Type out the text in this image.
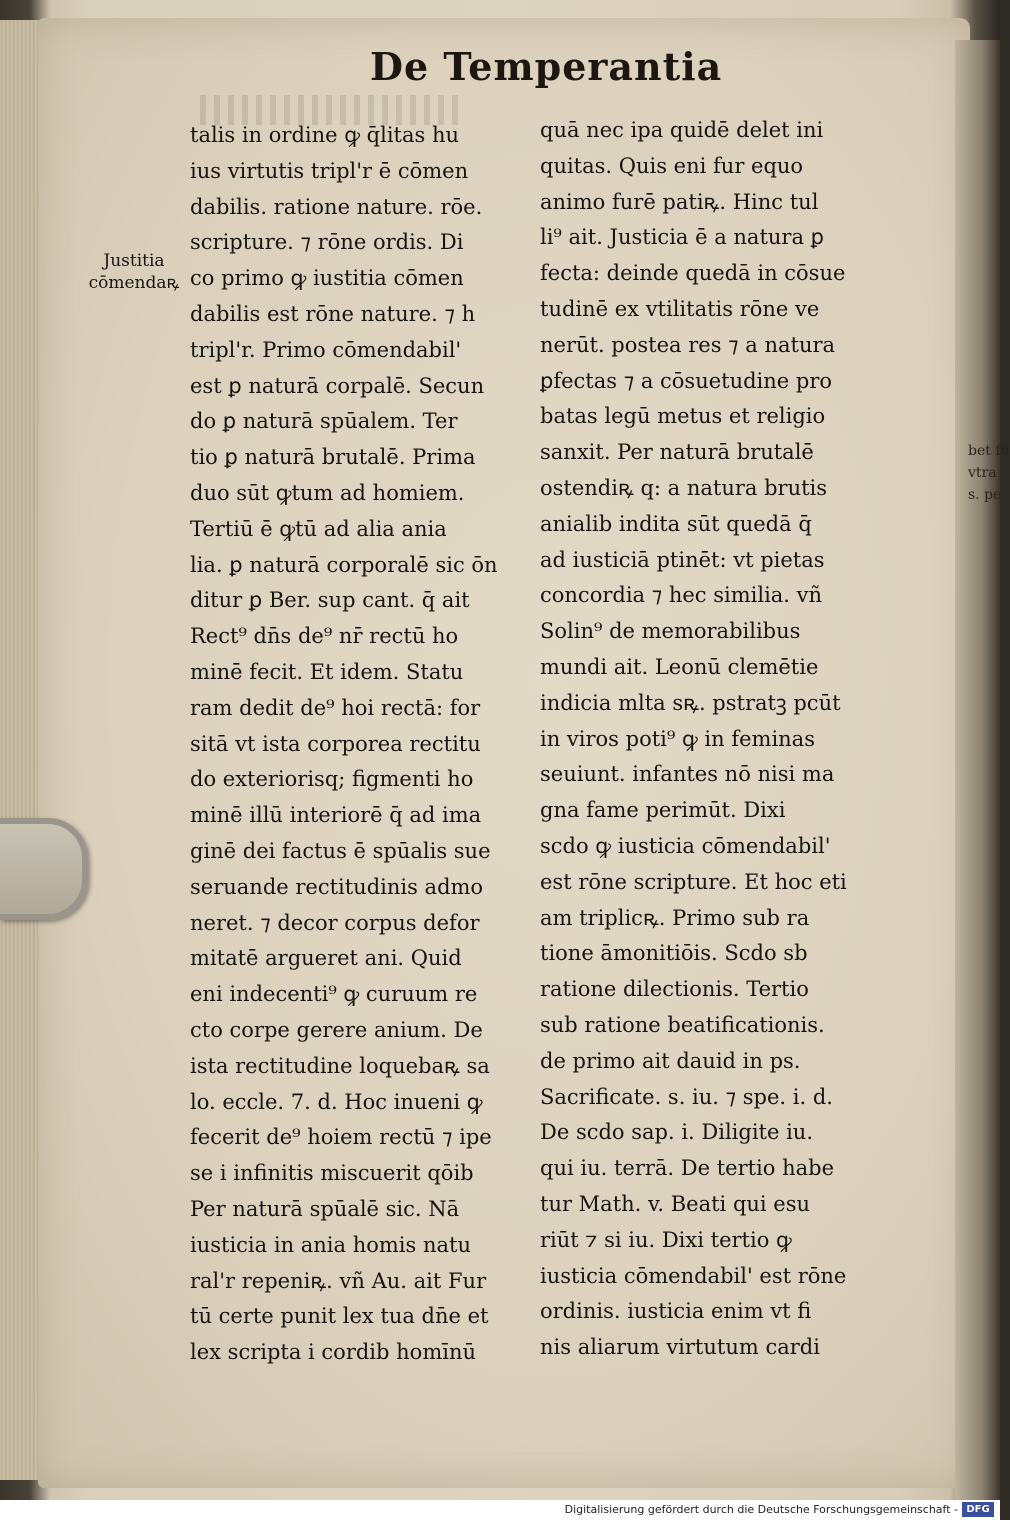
bet fu
vtra
s. pe
De Temperantia
Justitia
cōmendaꝶ
talis in ordine ꝙ q̄litas hu
ius virtutis tripl'r ē cōmen
dabilis. ratione nature. rōe.
scripture. ⁊ rōne ordis. Di
co primo ꝙ iustitia cōmen
dabilis est rōne nature. ⁊ h
tripl'r. Primo cōmendabil'
est ꝑ naturā corpalē. Secun
do ꝑ naturā spūalem. Ter
tio ꝑ naturā brutalē. Prima
duo sūt ꝙtum ad homiem.
Tertiū ē ꝙtū ad alia ania
lia. ꝑ naturā corporalē sic ōn
ditur ꝑ Ber. sup cant. q̄ ait
Rect⁹ dn̄s de⁹ nr̄ rectū ho
minē fecit. Et idem. Statu
ram dedit de⁹ hoi rectā: for
sitā vt ista corporea rectitu
do exteriorisq; figmenti ho
minē illū interiorē q̄ ad ima
ginē dei factus ē spūalis sue
seruande rectitudinis admo
neret. ⁊ decor corpus defor
mitatē argueret ani. Quid
eni indecenti⁹ ꝙ curuum re
cto corpe gerere anium. De
ista rectitudine loquebaꝶ sa
lo. eccle. 7. d. Hoc inueni ꝙ
fecerit de⁹ hoiem rectū ⁊ ipe
se i infinitis miscuerit qōib
Per naturā spūalē sic. Nā
iusticia in ania homis natu
ral'r repeniꝶ. vñ Au. ait Fur
tū certe punit lex tua dn̄e et
lex scripta i cordib homīnū
quā nec ipa quidē delet ini
quitas. Quis eni fur equo
animo furē patiꝶ. Hinc tul
li⁹ ait. Justicia ē a natura ꝑ
fecta: deinde quedā in cōsue
tudinē ex vtilitatis rōne ve
nerūt. postea res ⁊ a natura
ꝑfectas ⁊ a cōsuetudine pro
batas legū metus et religio
sanxit. Per naturā brutalē
ostendiꝶ q: a natura brutis
anialib indita sūt quedā q̄
ad iusticiā ptinēt: vt pietas
concordia ⁊ hec similia. vñ
Solin⁹ de memorabilibus
mundi ait. Leonū clemētie
indicia mlta sꝶ. pstratꝫ pcūt
in viros poti⁹ ꝙ in feminas
seuiunt. infantes nō nisi ma
gna fame perimūt. Dixi
scdo ꝙ iusticia cōmendabil'
est rōne scripture. Et hoc eti
am triplicꝶ. Primo sub ra
tione āmonitiōis. Scdo sb
ratione dilectionis. Tertio
sub ratione beatificationis.
de primo ait dauid in ps.
Sacrificate. s. iu. ⁊ spe. i. d.
De scdo sap. i. Diligite iu.
qui iu. terrā. De tertio habe
tur Math. v. Beati qui esu
riūt ⁊ si iu. Dixi tertio ꝙ
iusticia cōmendabil' est rōne
ordinis. iusticia enim vt fi
nis aliarum virtutum cardi
Digitalisierung gefördert durch die Deutsche Forschungsgemeinschaft - DFG
